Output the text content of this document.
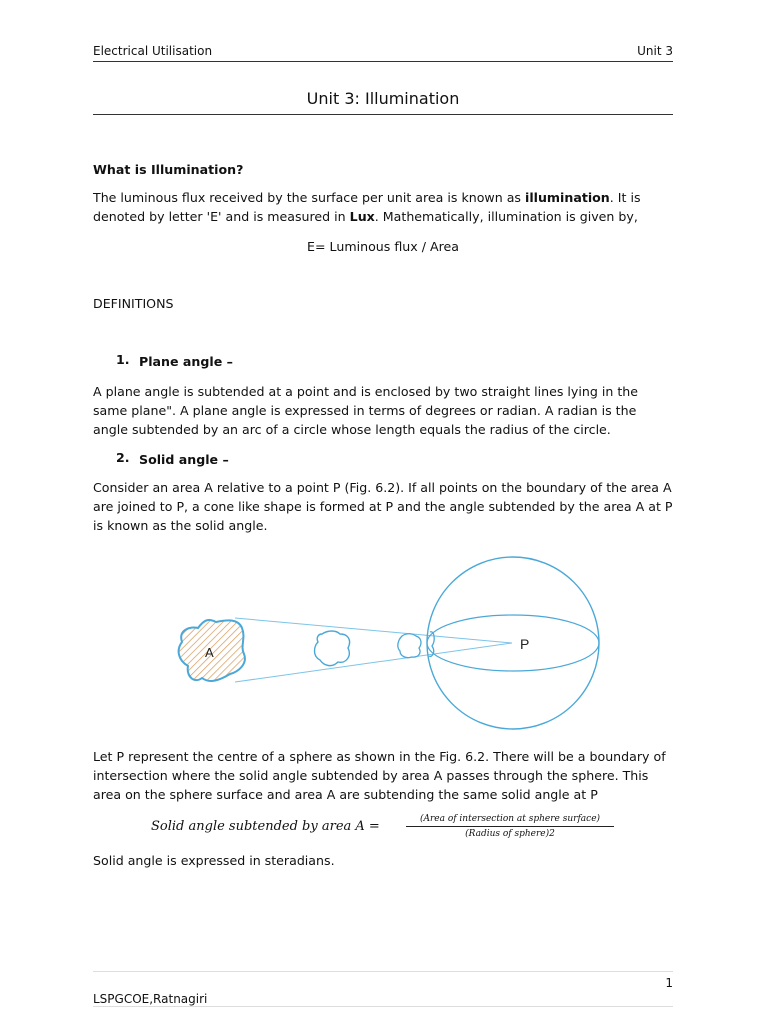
Electrical Utilisation	Unit 3
Unit 3: Illumination
What is Illumination?
The luminous flux received by the surface per unit area is known as illumination. It is denoted by letter 'E' and is measured in Lux. Mathematically, illumination is given by,
E= Luminous flux / Area
DEFINITIONS
1. Plane angle –
A plane angle is subtended at a point and is enclosed by two straight lines lying in the same plane". A plane angle is expressed in terms of degrees or radian. A radian is the angle subtended by an arc of a circle whose length equals the radius of the circle.
2. Solid angle –
Consider an area A relative to a point P (Fig. 6.2). If all points on the boundary of the area A are joined to P, a cone like shape is formed at P and the angle subtended by the area A at P is known as the solid angle.
A
P
Let P represent the centre of a sphere as shown in the Fig. 6.2. There will be a boundary of intersection where the solid angle subtended by area A passes through the sphere. This area on the sphere surface and area A are subtending the same solid angle at P
Solid angle subtended by area A =	(Area of intersection at sphere surface)
(Radius of sphere)2
Solid angle is expressed in steradians.
1
LSPGCOE,Ratnagiri
